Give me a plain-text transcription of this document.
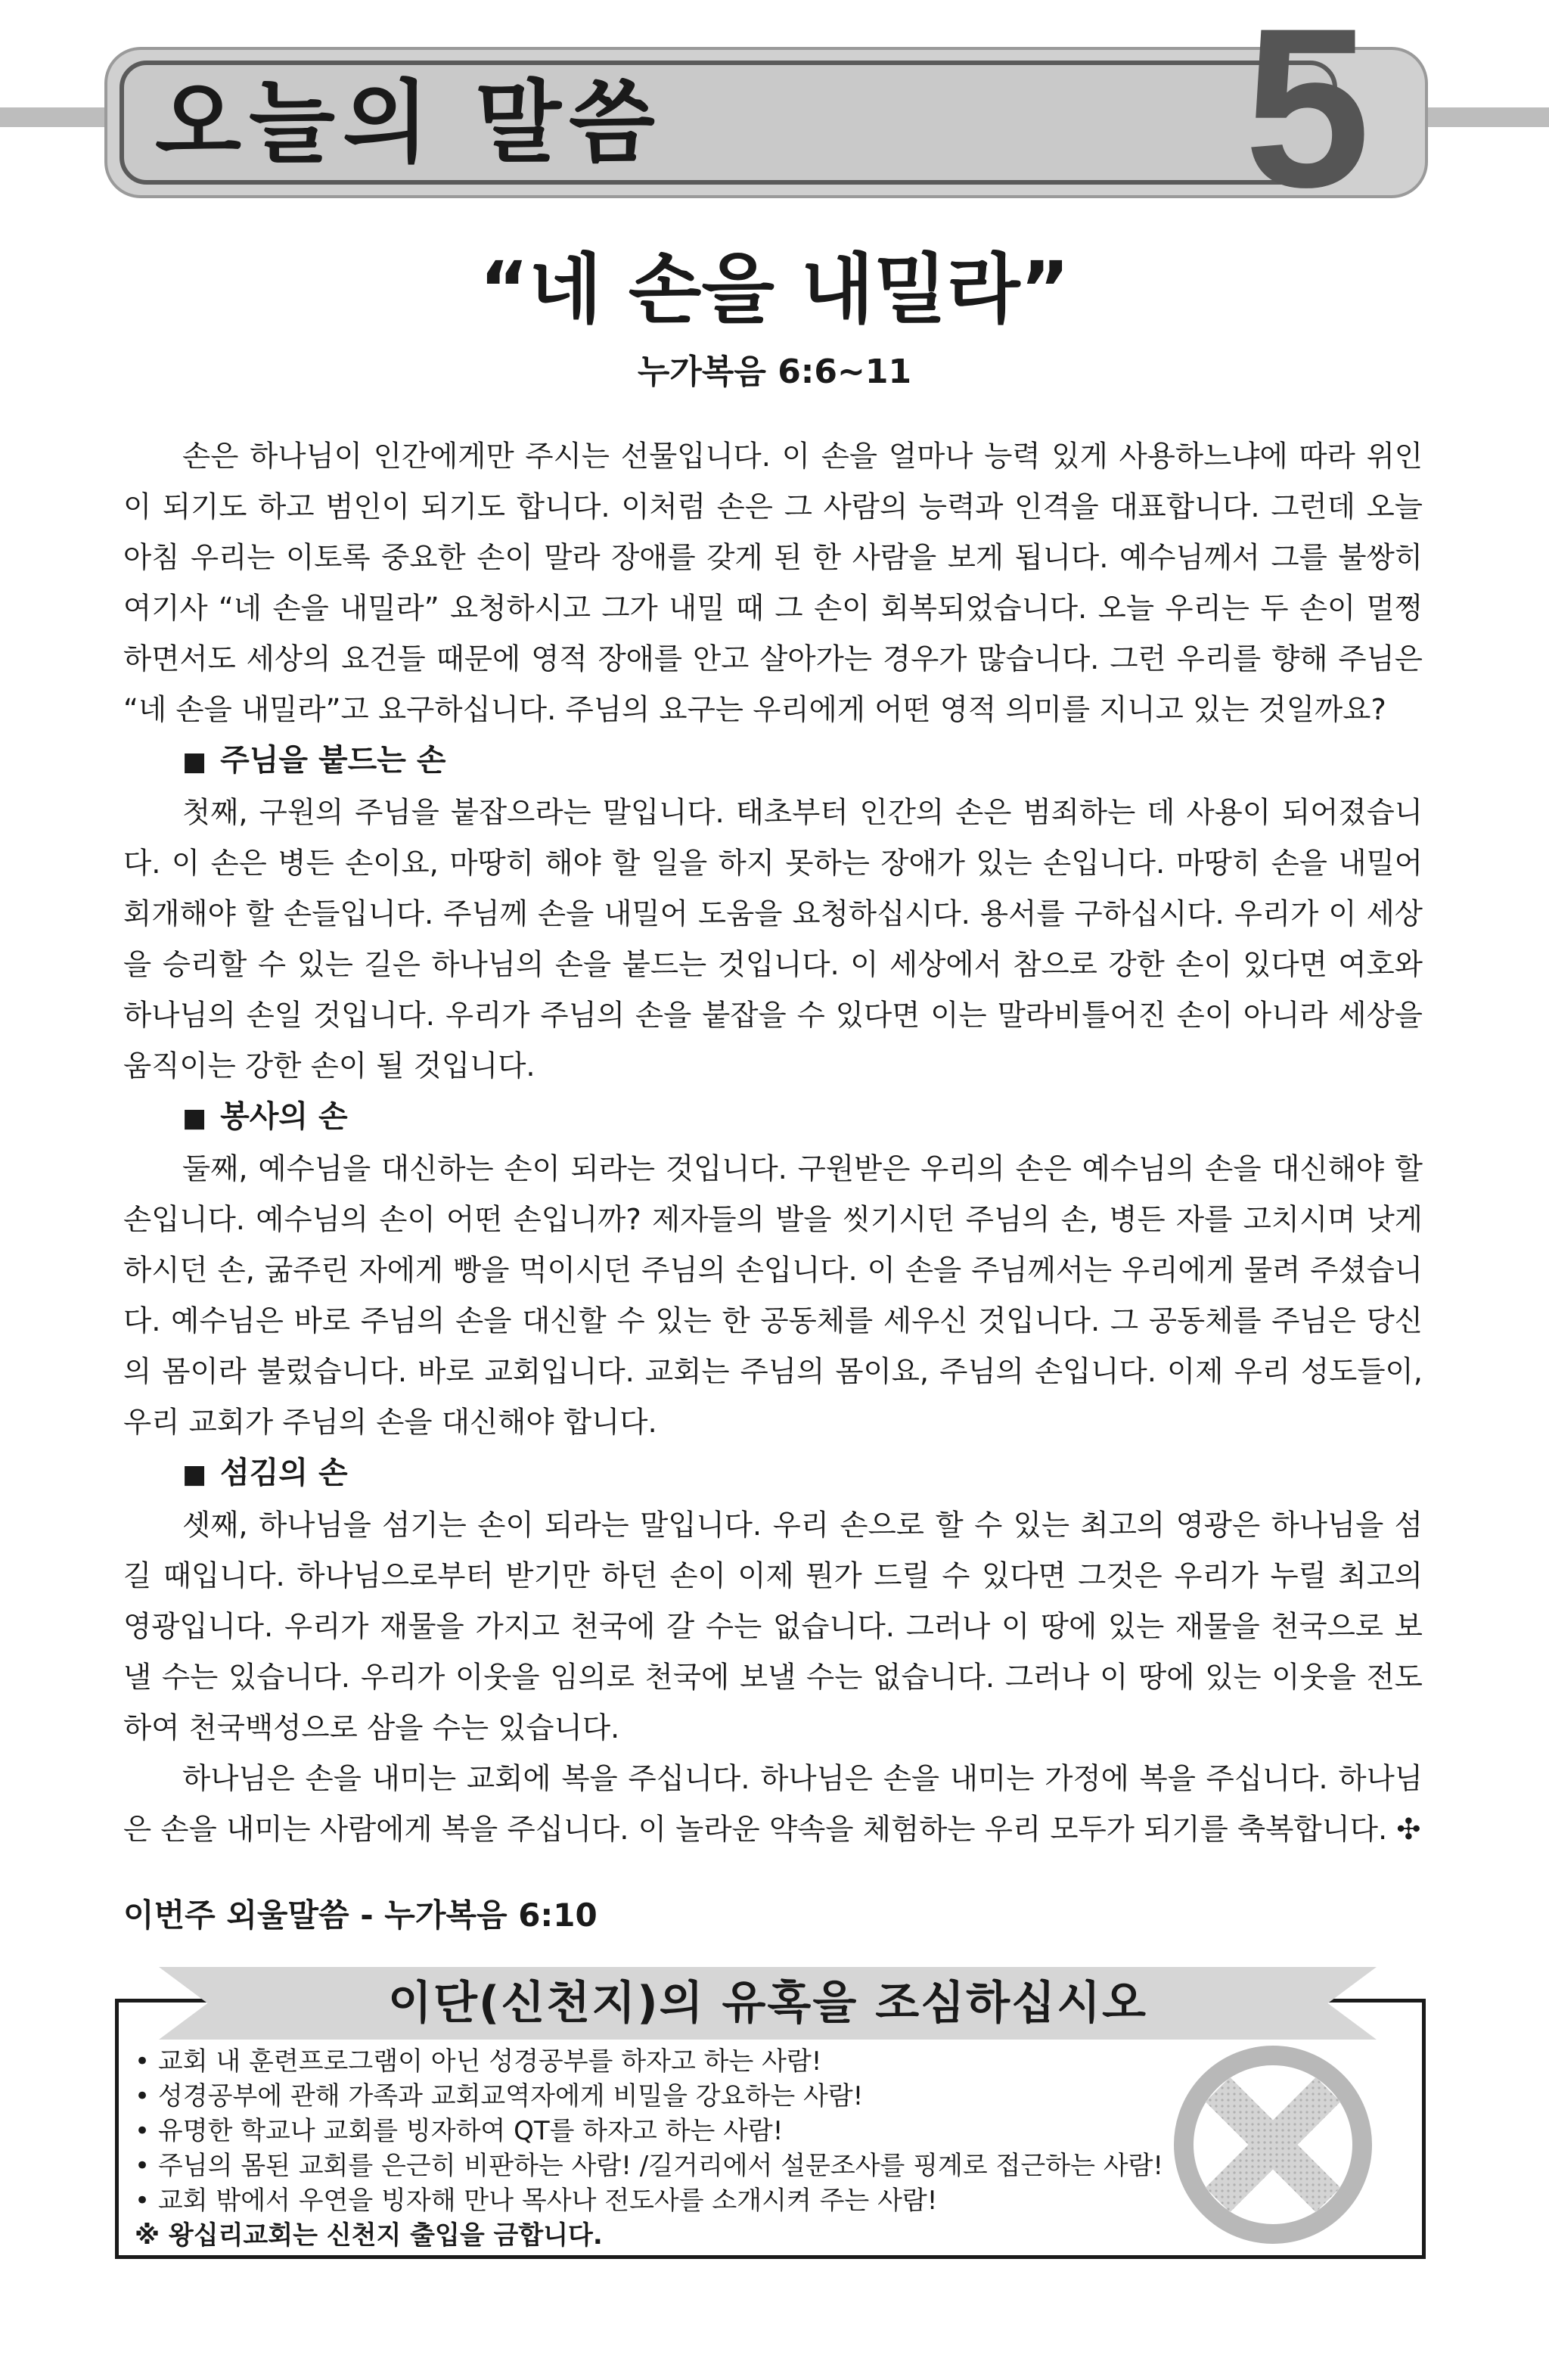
오늘의 말씀	5
“네 손을 내밀라”
누가복음 6:6~11

손은 하나님이 인간에게만 주시는 선물입니다. 이 손을 얼마나 능력 있게 사용하느냐에 따라 위인이 되기도 하고 범인이 되기도 합니다. 이처럼 손은 그 사람의 능력과 인격을 대표합니다. 그런데 오늘 아침 우리는 이토록 중요한 손이 말라 장애를 갖게 된 한 사람을 보게 됩니다. 예수님께서 그를 불쌍히 여기사 “네 손을 내밀라” 요청하시고 그가 내밀 때 그 손이 회복되었습니다. 오늘 우리는 두 손이 멀쩡하면서도 세상의 요건들 때문에 영적 장애를 안고 살아가는 경우가 많습니다. 그런 우리를 향해 주님은 “네 손을 내밀라”고 요구하십니다. 주님의 요구는 우리에게 어떤 영적 의미를 지니고 있는 것일까요?

■ 주님을 붙드는 손

첫째, 구원의 주님을 붙잡으라는 말입니다. 태초부터 인간의 손은 범죄하는 데 사용이 되어졌습니다. 이 손은 병든 손이요, 마땅히 해야 할 일을 하지 못하는 장애가 있는 손입니다. 마땅히 손을 내밀어 회개해야 할 손들입니다. 주님께 손을 내밀어 도움을 요청하십시다. 용서를 구하십시다. 우리가 이 세상을 승리할 수 있는 길은 하나님의 손을 붙드는 것입니다. 이 세상에서 참으로 강한 손이 있다면 여호와 하나님의 손일 것입니다. 우리가 주님의 손을 붙잡을 수 있다면 이는 말라비틀어진 손이 아니라 세상을 움직이는 강한 손이 될 것입니다.

■ 봉사의 손

둘째, 예수님을 대신하는 손이 되라는 것입니다. 구원받은 우리의 손은 예수님의 손을 대신해야 할 손입니다. 예수님의 손이 어떤 손입니까? 제자들의 발을 씻기시던 주님의 손, 병든 자를 고치시며 낫게 하시던 손, 굶주린 자에게 빵을 먹이시던 주님의 손입니다. 이 손을 주님께서는 우리에게 물려 주셨습니다. 예수님은 바로 주님의 손을 대신할 수 있는 한 공동체를 세우신 것입니다. 그 공동체를 주님은 당신의 몸이라 불렀습니다. 바로 교회입니다. 교회는 주님의 몸이요, 주님의 손입니다. 이제 우리 성도들이, 우리 교회가 주님의 손을 대신해야 합니다.

■ 섬김의 손

셋째, 하나님을 섬기는 손이 되라는 말입니다. 우리 손으로 할 수 있는 최고의 영광은 하나님을 섬길 때입니다. 하나님으로부터 받기만 하던 손이 이제 뭔가 드릴 수 있다면 그것은 우리가 누릴 최고의 영광입니다. 우리가 재물을 가지고 천국에 갈 수는 없습니다. 그러나 이 땅에 있는 재물을 천국으로 보낼 수는 있습니다. 우리가 이웃을 임의로 천국에 보낼 수는 없습니다. 그러나 이 땅에 있는 이웃을 전도하여 천국백성으로 삼을 수는 있습니다.

하나님은 손을 내미는 교회에 복을 주십니다. 하나님은 손을 내미는 가정에 복을 주십니다. 하나님은 손을 내미는 사람에게 복을 주십니다. 이 놀라운 약속을 체험하는 우리 모두가 되기를 축복합니다. ✣

이번주 외울말씀 - 누가복음 6:10
이단(신천지)의 유혹을 조심하십시오
• 교회 내 훈련프로그램이 아닌 성경공부를 하자고 하는 사람!
• 성경공부에 관해 가족과 교회교역자에게 비밀을 강요하는 사람!
• 유명한 학교나 교회를 빙자하여 QT를 하자고 하는 사람!
• 주님의 몸된 교회를 은근히 비판하는 사람! /길거리에서 설문조사를 핑계로 접근하는 사람!
• 교회 밖에서 우연을 빙자해 만나 목사나 전도사를 소개시켜 주는 사람!
※ 왕십리교회는 신천지 출입을 금합니다.
